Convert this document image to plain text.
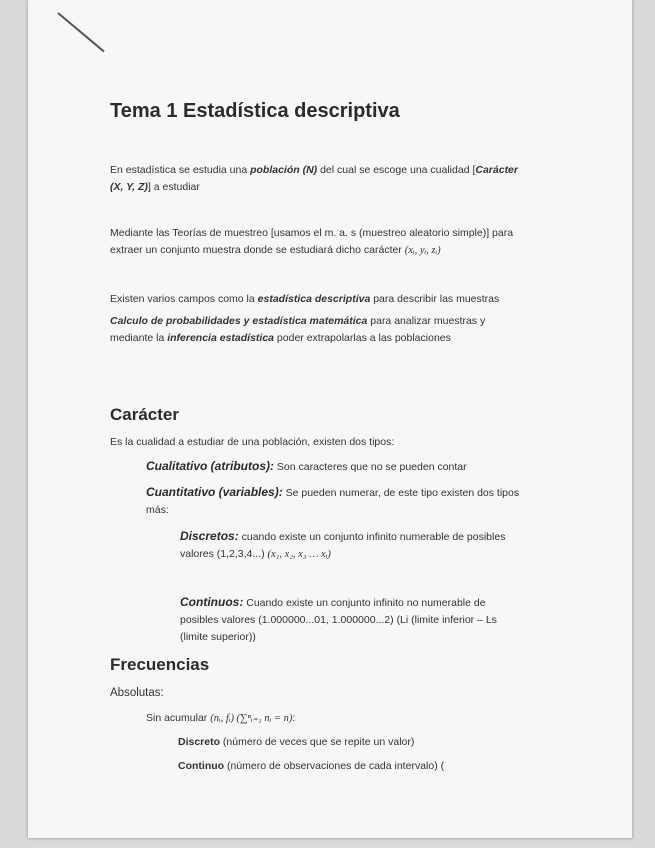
Tema 1 Estadística descriptiva
En estadística se estudia una población (N) del cual se escoge una cualidad [Carácter
(X, Y, Z)] a estudiar
Mediante las Teorías de muestreo [usamos el m. a. s (muestreo aleatorio simple)] para
extraer un conjunto muestra donde se estudiará dicho carácter (xᵢ, yᵢ, zᵢ)
Existen varios campos como la estadística descriptiva para describir las muestras
Calculo de probabilidades y estadística matemática para analizar muestras y
mediante la inferencia estadística poder extrapolarlas a las poblaciones
Carácter
Es la cualidad a estudiar de una población, existen dos tipos:
Cualitativo (atributos): Son caracteres que no se pueden contar
Cuantitativo (variables): Se pueden numerar, de este tipo existen dos tipos
más:
Discretos: cuando existe un conjunto infinito numerable de posibles
valores (1,2,3,4...) (x₁, x₂, x₃ … xᵢ)
Continuos: Cuando existe un conjunto infinito no numerable de
posibles valores (1.000000...01, 1.000000...2) (Li (limite inferior – Ls
(limite superior))
Frecuencias
Absolutas:
Sin acumular (nᵢ, fᵢ) (∑ⁿᵢ₌₁ nᵢ = n):
Discreto (número de veces que se repite un valor)
Continuo (número de observaciones de cada intervalo) (
